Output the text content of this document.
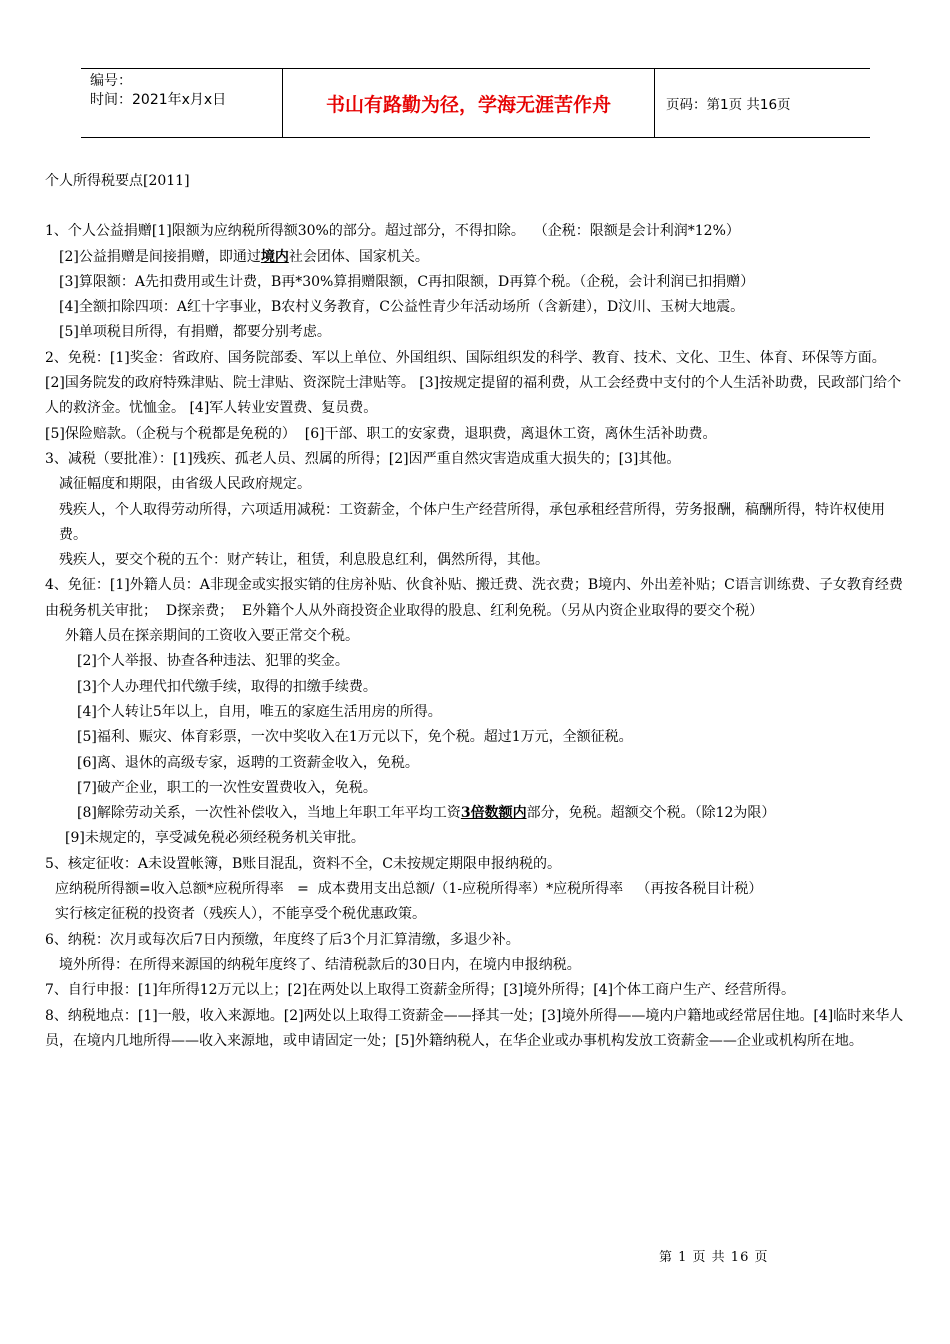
编号：
时间：2021年x月x日	书山有路勤为径，学海无涯苦作舟	页码：第1页 共16页

个人所得税要点[2011]

1、个人公益捐赠[1]限额为应纳税所得额30%的部分。超过部分，不得扣除。  （企税：限额是会计利润*12%）

[2]公益捐赠是间接捐赠，即通过境内社会团体、国家机关。

[3]算限额：A先扣费用或生计费，B再*30%算捐赠限额，C再扣限额，D再算个税。（企税，会计利润已扣捐赠）

[4]全额扣除四项：A红十字事业，B农村义务教育，C公益性青少年活动场所（含新建），D汶川、玉树大地震。

[5]单项税目所得，有捐赠，都要分别考虑。

2、免税：[1]奖金：省政府、国务院部委、军以上单位、外国组织、国际组织发的科学、教育、技术、文化、卫生、体育、环保等方面。 [2]国务院发的政府特殊津贴、院士津贴、资深院士津贴等。 [3]按规定提留的福利费，从工会经费中支付的个人生活补助费，民政部门给个人的救济金。忧恤金。 [4]军人转业安置费、复员费。

[5]保险赔款。（企税与个税都是免税的）  [6]干部、职工的安家费，退职费，离退休工资，离休生活补助费。

3、减税（要批准）：[1]残疾、孤老人员、烈属的所得；[2]因严重自然灾害造成重大损失的；[3]其他。

减征幅度和期限，由省级人民政府规定。

残疾人，个人取得劳动所得，六项适用减税：工资薪金，个体户生产经营所得，承包承租经营所得，劳务报酬，稿酬所得，特许权使用费。

残疾人，要交个税的五个：财产转让，租赁，利息股息红利，偶然所得，其他。

4、免征：[1]外籍人员：A非现金或实报实销的住房补贴、伙食补贴、搬迁费、洗衣费；B境内、外出差补贴；C语言训练费、子女教育经费由税务机关审批；  D探亲费；  E外籍个人从外商投资企业取得的股息、红利免税。（另从内资企业取得的要交个税）

外籍人员在探亲期间的工资收入要正常交个税。

[2]个人举报、协查各种违法、犯罪的奖金。

[3]个人办理代扣代缴手续，取得的扣缴手续费。

[4]个人转让5年以上，自用，唯五的家庭生活用房的所得。

[5]福利、赈灾、体育彩票，一次中奖收入在1万元以下，免个税。超过1万元，全额征税。

[6]离、退休的高级专家，返聘的工资薪金收入，免税。

[7]破产企业，职工的一次性安置费收入，免税。

[8]解除劳动关系，一次性补偿收入，当地上年职工年平均工资3倍数额内部分，免税。超额交个税。（除12为限）

[9]未规定的，享受减免税必须经税务机关审批。

5、核定征收：A未设置帐簿，B账目混乱，资料不全，C未按规定期限申报纳税的。

应纳税所得额=收入总额*应税所得率   =  成本费用支出总额/（1-应税所得率）*应税所得率   （再按各税目计税）

实行核定征税的投资者（残疾人），不能享受个税优惠政策。

6、纳税：次月或每次后7日内预缴，年度终了后3个月汇算清缴，多退少补。

境外所得：在所得来源国的纳税年度终了、结清税款后的30日内，在境内申报纳税。

7、自行申报：[1]年所得12万元以上；[2]在两处以上取得工资薪金所得；[3]境外所得；[4]个体工商户生产、经营所得。

8、纳税地点：[1]一般，收入来源地。[2]两处以上取得工资薪金——择其一处；[3]境外所得——境内户籍地或经常居住地。[4]临时来华人员，在境内几地所得——收入来源地，或申请固定一处；[5]外籍纳税人，在华企业或办事机构发放工资薪金——企业或机构所在地。

第 1 页 共 16 页
